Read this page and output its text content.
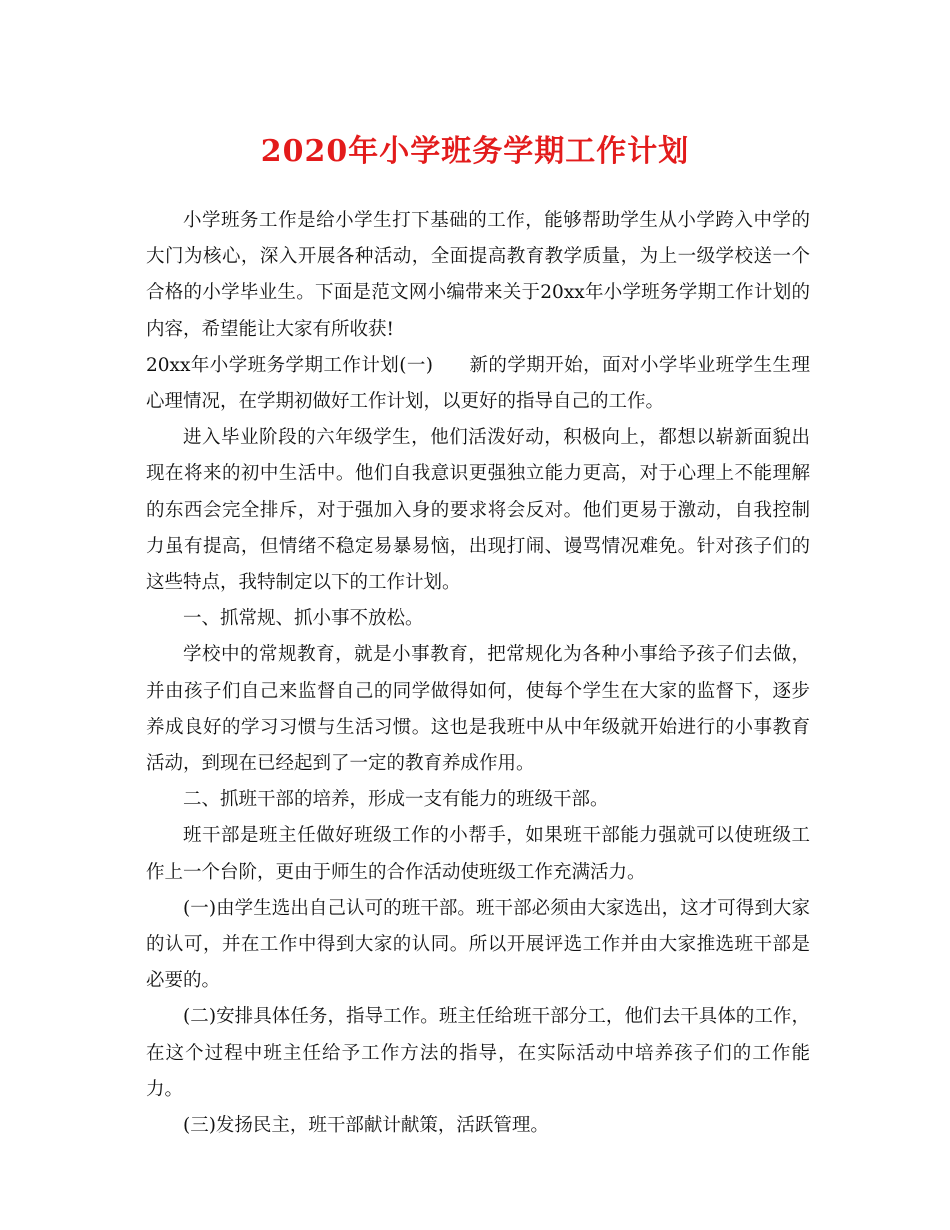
2020年小学班务学期工作计划

小学班务工作是给小学生打下基础的工作，能够帮助学生从小学跨入中学的大门为核心，深入开展各种活动，全面提高教育教学质量，为上一级学校送一个合格的小学毕业生。下面是范文网小编带来关于20xx年小学班务学期工作计划的内容，希望能让大家有所收获!

20xx年小学班务学期工作计划(一) 新的学期开始，面对小学毕业班学生生理心理情况，在学期初做好工作计划，以更好的指导自己的工作。

进入毕业阶段的六年级学生，他们活泼好动，积极向上，都想以崭新面貌出现在将来的初中生活中。他们自我意识更强独立能力更高，对于心理上不能理解的东西会完全排斥，对于强加入身的要求将会反对。他们更易于激动，自我控制力虽有提高，但情绪不稳定易暴易恼，出现打闹、谩骂情况难免。针对孩子们的这些特点，我特制定以下的工作计划。

一、抓常规、抓小事不放松。

学校中的常规教育，就是小事教育，把常规化为各种小事给予孩子们去做，并由孩子们自己来监督自己的同学做得如何，使每个学生在大家的监督下，逐步养成良好的学习习惯与生活习惯。这也是我班中从中年级就开始进行的小事教育活动，到现在已经起到了一定的教育养成作用。

二、抓班干部的培养，形成一支有能力的班级干部。

班干部是班主任做好班级工作的小帮手，如果班干部能力强就可以使班级工作上一个台阶，更由于师生的合作活动使班级工作充满活力。

(一)由学生选出自己认可的班干部。班干部必须由大家选出，这才可得到大家的认可，并在工作中得到大家的认同。所以开展评选工作并由大家推选班干部是必要的。

(二)安排具体任务，指导工作。班主任给班干部分工，他们去干具体的工作，在这个过程中班主任给予工作方法的指导，在实际活动中培养孩子们的工作能力。

(三)发扬民主，班干部献计献策，活跃管理。
